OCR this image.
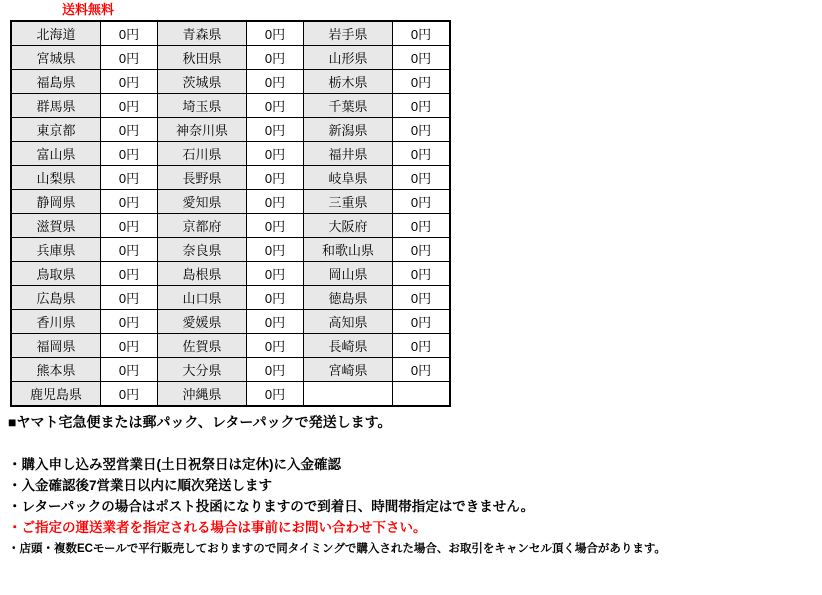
送料無料
北海道	0円	青森県	0円	岩手県	0円
宮城県	0円	秋田県	0円	山形県	0円
福島県	0円	茨城県	0円	栃木県	0円
群馬県	0円	埼玉県	0円	千葉県	0円
東京都	0円	神奈川県	0円	新潟県	0円
富山県	0円	石川県	0円	福井県	0円
山梨県	0円	長野県	0円	岐阜県	0円
静岡県	0円	愛知県	0円	三重県	0円
滋賀県	0円	京都府	0円	大阪府	0円
兵庫県	0円	奈良県	0円	和歌山県	0円
鳥取県	0円	島根県	0円	岡山県	0円
広島県	0円	山口県	0円	徳島県	0円
香川県	0円	愛媛県	0円	高知県	0円
福岡県	0円	佐賀県	0円	長崎県	0円
熊本県	0円	大分県	0円	宮崎県	0円
鹿児島県	0円	沖縄県	0円		
■ヤマト宅急便または郵パック、レターパックで発送します。
・購入申し込み翌営業日(土日祝祭日は定休)に入金確認
・入金確認後7営業日以内に順次発送します
・レターパックの場合はポスト投函になりますので到着日、時間帯指定はできません。
・ご指定の運送業者を指定される場合は事前にお問い合わせ下さい。
・店頭・複数ECモールで平行販売しておりますので同タイミングで購入された場合、お取引をキャンセル頂く場合があります。
